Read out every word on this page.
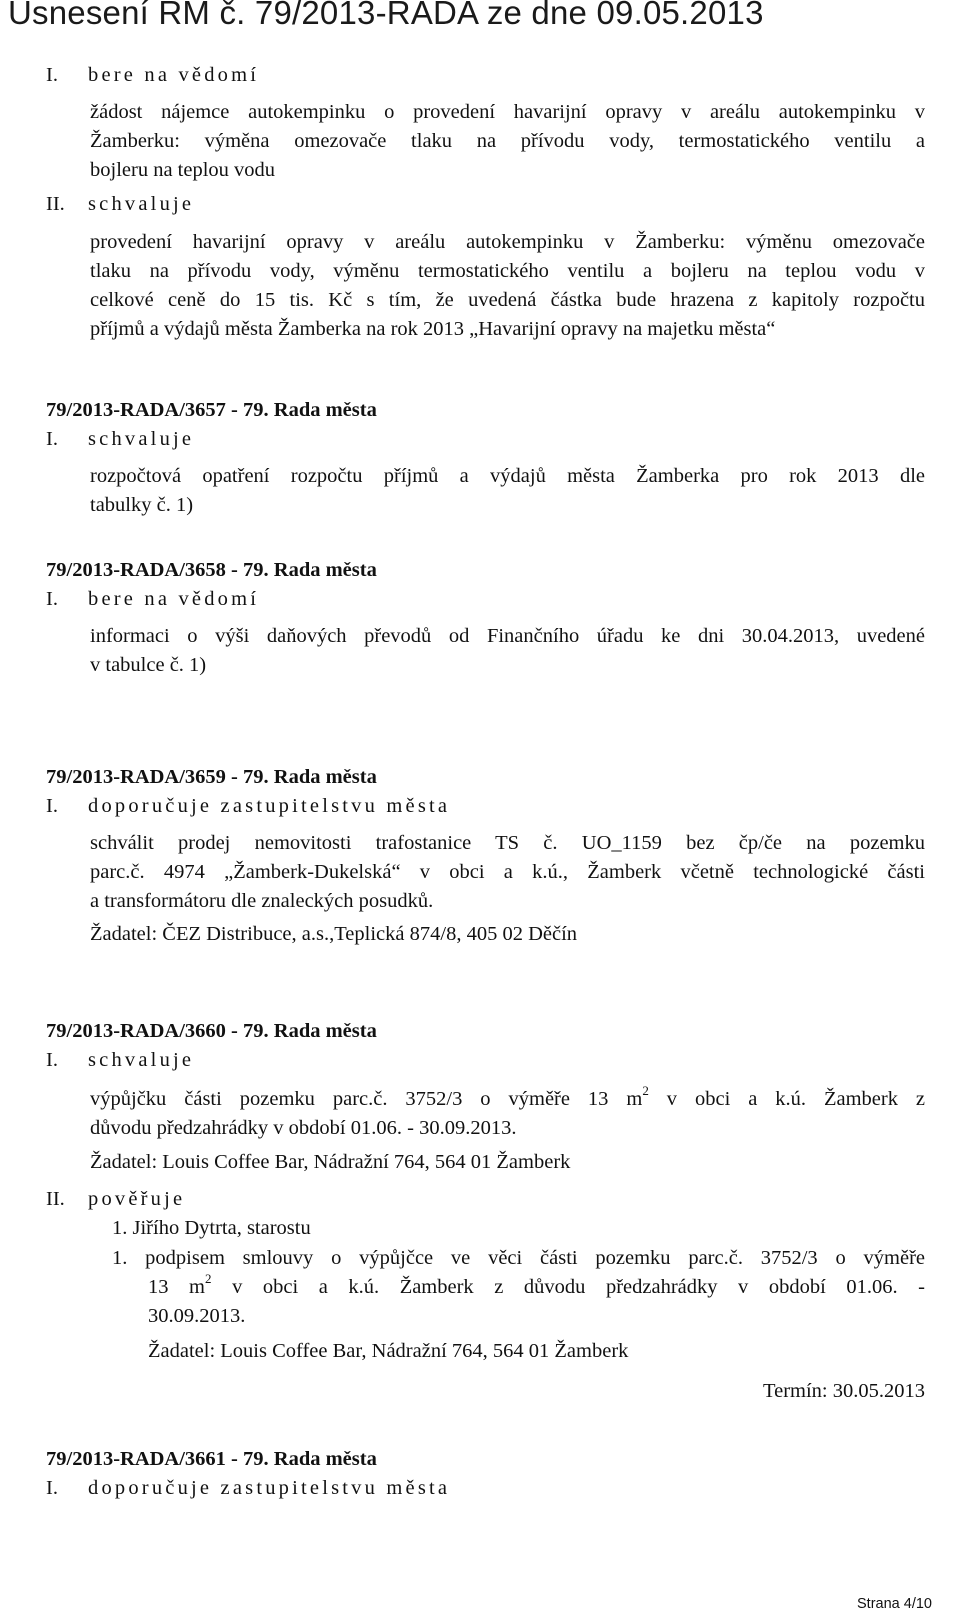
Usnesení RM č. 79/2013-RADA ze dne 09.05.2013
I. bere na vědomí
žádost nájemce autokempinku o provedení havarijní opravy v areálu autokempinku v
Žamberku: výměna omezovače tlaku na přívodu vody, termostatického ventilu a
bojleru na teplou vodu
II. schvaluje
provedení havarijní opravy v areálu autokempinku v Žamberku: výměnu omezovače
tlaku na přívodu vody, výměnu termostatického ventilu a bojleru na teplou vodu v
celkové ceně do 15 tis. Kč s tím, že uvedená částka bude hrazena z kapitoly rozpočtu
příjmů a výdajů města Žamberka na rok 2013 „Havarijní opravy na majetku města“
79/2013-RADA/3657 - 79. Rada města
I. schvaluje
rozpočtová opatření rozpočtu příjmů a výdajů města Žamberka pro rok 2013 dle
tabulky č. 1)
79/2013-RADA/3658 - 79. Rada města
I. bere na vědomí
informaci o výši daňových převodů od Finančního úřadu ke dni 30.04.2013, uvedené
v tabulce č. 1)
79/2013-RADA/3659 - 79. Rada města
I. doporučuje zastupitelstvu města
schválit prodej nemovitosti trafostanice TS č. UO_1159 bez čp/če na pozemku
parc.č. 4974 „Žamberk-Dukelská“ v obci a k.ú., Žamberk včetně technologické části
a transformátoru dle znaleckých posudků.
Žadatel: ČEZ Distribuce, a.s.,Teplická 874/8, 405 02 Děčín
79/2013-RADA/3660 - 79. Rada města
I. schvaluje
výpůjčku části pozemku parc.č. 3752/3 o výměře 13 $m^2$ v obci a k.ú. Žamberk z
důvodu předzahrádky v období 01.06. - 30.09.2013.
Žadatel: Louis Coffee Bar, Nádražní 764, 564 01 Žamberk
II. pověřuje
1. Jiřího Dytrta, starostu
1. podpisem smlouvy o výpůjčce ve věci části pozemku parc.č. 3752/3 o výměře
13 $m^2$ v obci a k.ú. Žamberk z důvodu předzahrádky v období 01.06. -
30.09.2013.
Žadatel: Louis Coffee Bar, Nádražní 764, 564 01 Žamberk
Termín: 30.05.2013
79/2013-RADA/3661 - 79. Rada města
I. doporučuje zastupitelstvu města
Strana 4/10
